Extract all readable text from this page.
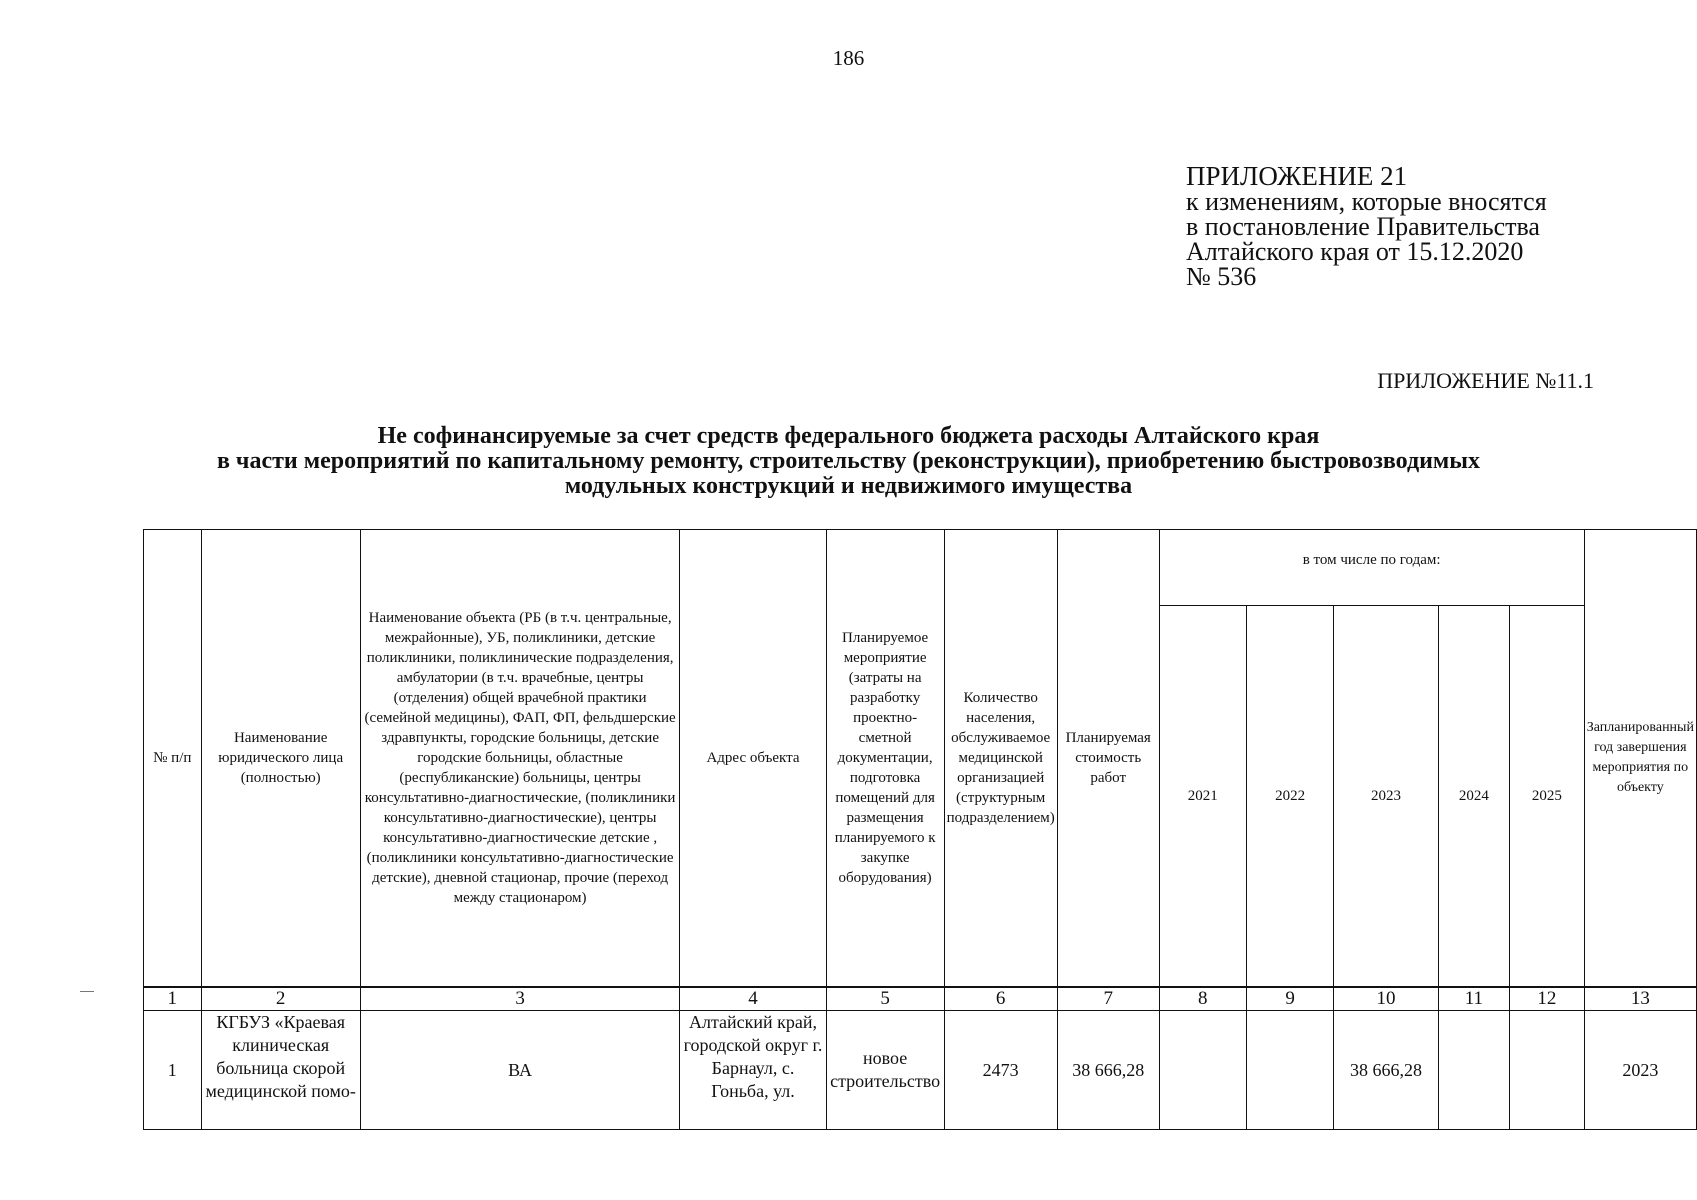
186
ПРИЛОЖЕНИЕ 21
к изменениям, которые вносятся
в постановление Правительства
Алтайского края от 15.12.2020
№ 536
ПРИЛОЖЕНИЕ №11.1
Не софинансируемые за счет средств федерального бюджета расходы Алтайского края
в части мероприятий по капитальному ремонту, строительству (реконструкции), приобретению быстровозводимых
модульных конструкций и недвижимого имущества
№ п/п	Наименование юридического лица (полностью)	Наименование объекта (РБ (в т.ч. центральные, межрайонные), УБ, поликлиники, детские поликлиники, поликлинические подразделения, амбулатории (в т.ч. врачебные, центры (отделения) общей врачебной практики (семейной медицины), ФАП, ФП, фельдшерские здравпункты, городские больницы, детские городские больницы, областные (республиканские) больницы, центры консультативно-диагностические, (поликлиники консультативно-диагностические), центры консультативно-диагностические детские , (поликлиники консультативно-диагностические детские), дневной стационар, прочие (переход между стационаром)	Адрес объекта	Планируемое мероприятие (затраты на разработку проектно-сметной документации, подготовка помещений для размещения планируемого к закупке оборудования)	Количество населения, обслуживаемое медицинской организацией (структурным подразделением)	Планируемая стоимость работ	в том числе по годам:					Запланированный год завершения мероприятия по объекту
							2021	2022	2023	2024	2025	
1	2	3	4	5	6	7	8	9	10	11	12	13
1	КГБУЗ «Краевая клиническая больница скорой медицинской помо-	ВА	Алтайский край, городской округ г. Барнаул, с. Гоньба, ул.	новое строительство	2473	38 666,28			38 666,28			2023
